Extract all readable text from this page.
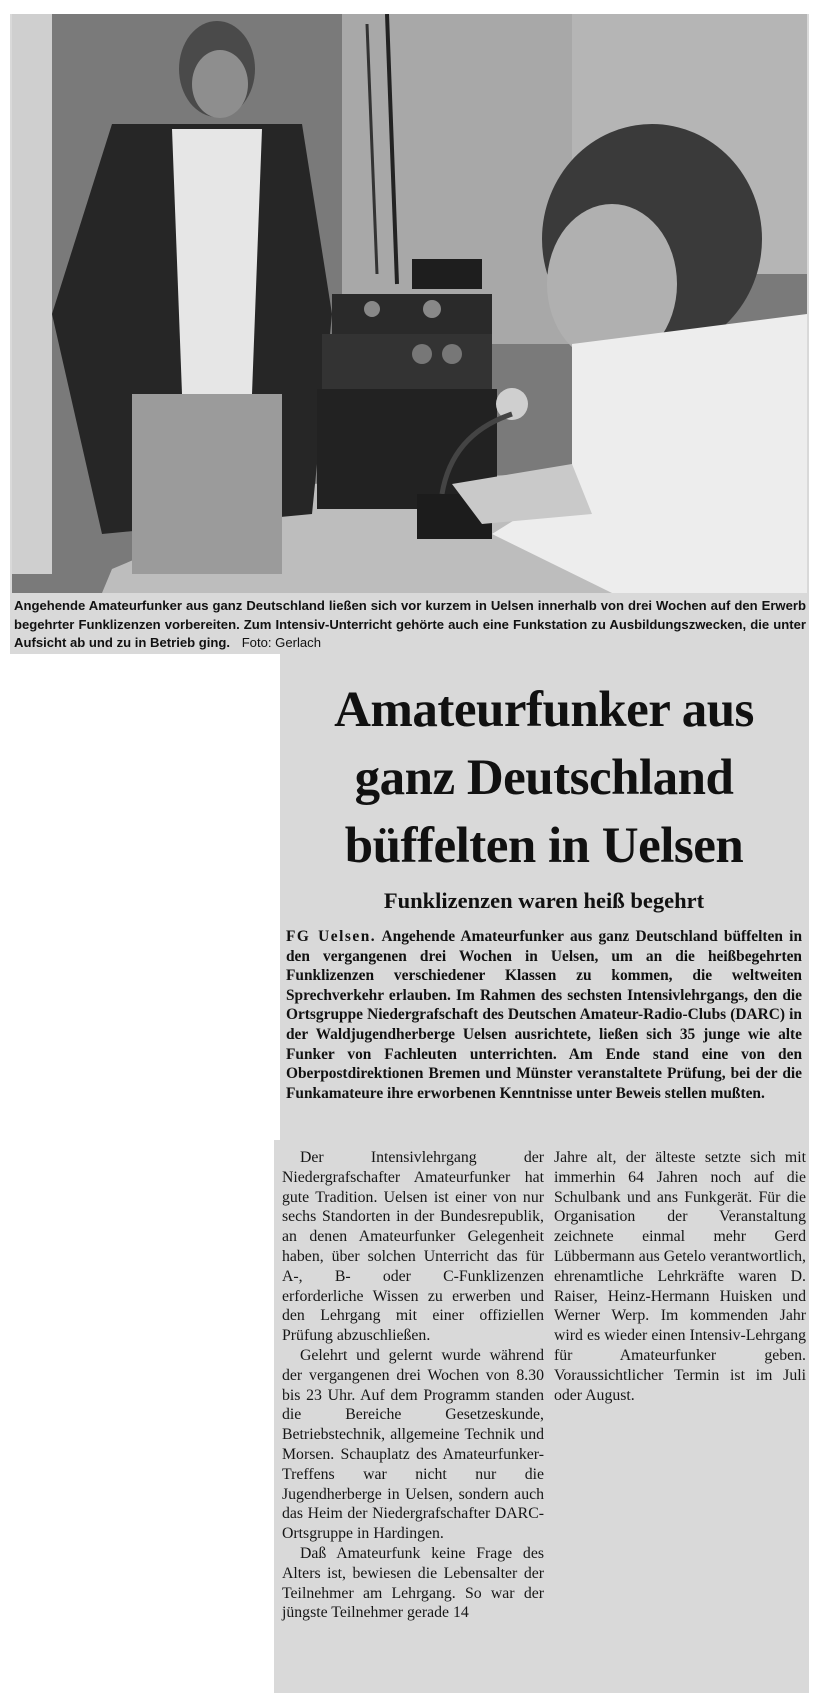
Angehende Amateurfunker aus ganz Deutschland ließen sich vor kurzem in Uelsen innerhalb von drei Wochen auf den Erwerb begehrter Funklizenzen vorbereiten. Zum Intensiv-Unterricht gehörte auch eine Funkstation zu Ausbildungszwecken, die unter Aufsicht ab und zu in Betrieb ging. Foto: Gerlach
Amateurfunker aus ganz Deutschland büffelten in Uelsen
Funklizenzen waren heiß begehrt
FG Uelsen. Angehende Amateurfunker aus ganz Deutschland büffelten in den vergangenen drei Wochen in Uelsen, um an die heißbegehrten Funklizenzen verschiedener Klassen zu kommen, die weltweiten Sprechverkehr erlauben. Im Rahmen des sechsten Intensivlehrgangs, den die Ortsgruppe Niedergrafschaft des Deutschen Amateur-Radio-Clubs (DARC) in der Waldjugendherberge Uelsen ausrichtete, ließen sich 35 junge wie alte Funker von Fachleuten unterrichten. Am Ende stand eine von den Oberpostdirektionen Bremen und Münster veranstaltete Prüfung, bei der die Funkamateure ihre erworbenen Kenntnisse unter Beweis stellen mußten.

Der Intensivlehrgang der Niedergrafschafter Amateurfunker hat gute Tradition. Uelsen ist einer von nur sechs Standorten in der Bundesrepublik, an denen Amateurfunker Gelegenheit haben, über solchen Unterricht das für A-, B- oder C-Funklizenzen erforderliche Wissen zu erwerben und den Lehrgang mit einer offiziellen Prüfung abzuschließen.

Gelehrt und gelernt wurde während der vergangenen drei Wochen von 8.30 bis 23 Uhr. Auf dem Programm standen die Bereiche Gesetzeskunde, Betriebstechnik, allgemeine Technik und Morsen. Schauplatz des Amateurfunker-Treffens war nicht nur die Jugendherberge in Uelsen, sondern auch das Heim der Niedergrafschafter DARC-Ortsgruppe in Hardingen.

Daß Amateurfunk keine Frage des Alters ist, bewiesen die Lebensalter der Teilnehmer am Lehrgang. So war der jüngste Teilnehmer gerade 14

Jahre alt, der älteste setzte sich mit immerhin 64 Jahren noch auf die Schulbank und ans Funkgerät. Für die Organisation der Veranstaltung zeichnete einmal mehr Gerd Lübbermann aus Getelo verantwortlich, ehrenamtliche Lehrkräfte waren D. Raiser, Heinz-Hermann Huisken und Werner Werp. Im kommenden Jahr wird es wieder einen Intensiv-Lehrgang für Amateurfunker geben. Voraussichtlicher Termin ist im Juli oder August.
